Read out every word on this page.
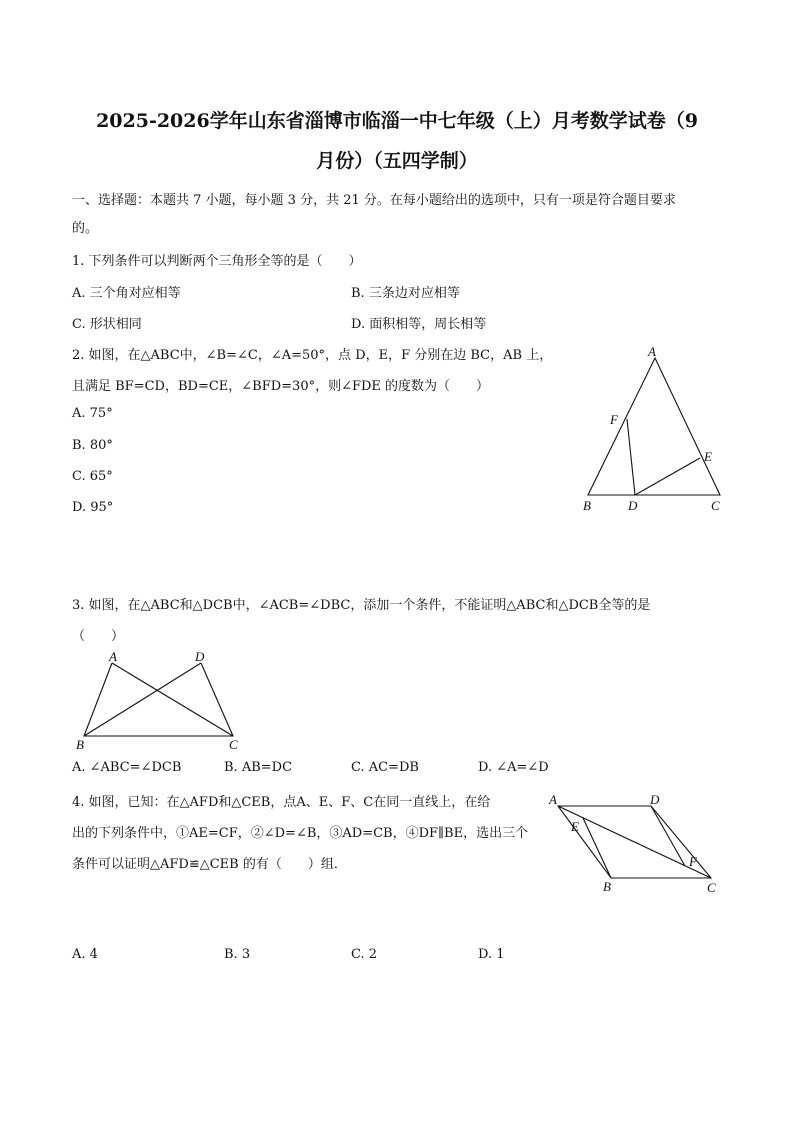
2025-2026学年山东省淄博市临淄一中七年级（上）月考数学试卷（9
月份）（五四学制）
一、选择题：本题共 7 小题，每小题 3 分，共 21 分。在每小题给出的选项中，只有一项是符合题目要求
的。
1. 下列条件可以判断两个三角形全等的是（　　）
A. 三个角对应相等	B. 三条边对应相等
C. 形状相同	D. 面积相等，周长相等
2. 如图，在△ABC中，∠B=∠C，∠A=50°，点 D，E，F 分别在边 BC，AB 上，
且满足 BF=CD，BD=CE，∠BFD=30°，则∠FDE 的度数为（　　）
A. 75°
B. 80°
C. 65°
D. 95°
A
B	C
D
E
F
3. 如图，在△ABC和△DCB中，∠ACB=∠DBC，添加一个条件，不能证明△ABC和△DCB全等的是
（　　）
A	D
B	C
A. ∠ABC=∠DCB	B. AB=DC	C. AC=DB	D. ∠A=∠D
4. 如图，已知：在△AFD和△CEB，点A、E、F、C在同一直线上，在给
出的下列条件中，①AE=CF，②∠D=∠B，③AD=CB，④DF∥BE，选出三个
条件可以证明△AFD≌△CEB 的有（　　）组．
A	D
E
F
B	C
A. 4	B. 3	C. 2	D. 1
